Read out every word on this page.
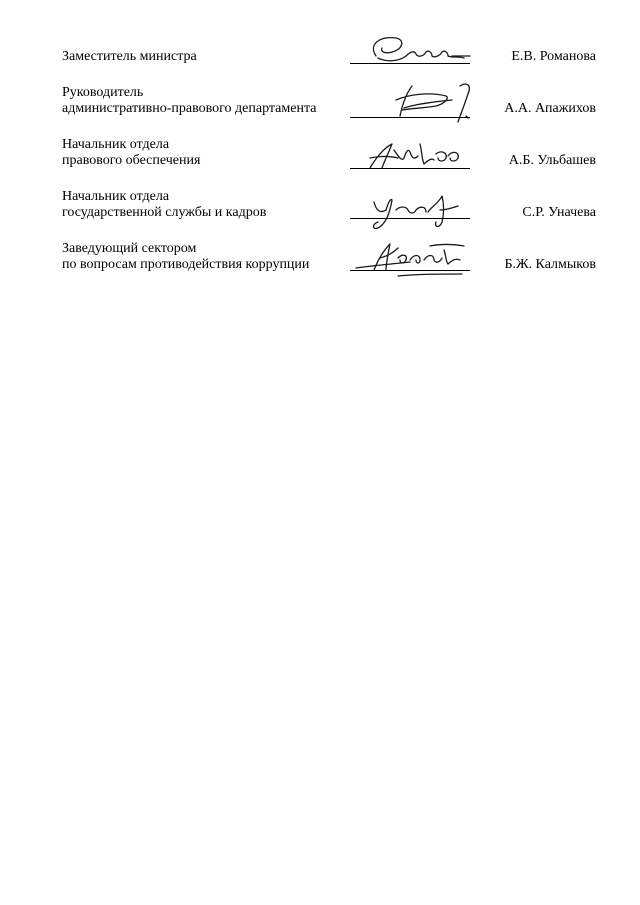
Заместитель министра	Е.В. Романова
Руководитель
административно-правового департамента	А.А. Апажихов
Начальник отдела
правового обеспечения	А.Б. Ульбашев
Начальник отдела
государственной службы и кадров	С.Р. Уначева
Заведующий сектором
по вопросам противодействия коррупции	Б.Ж. Калмыков
